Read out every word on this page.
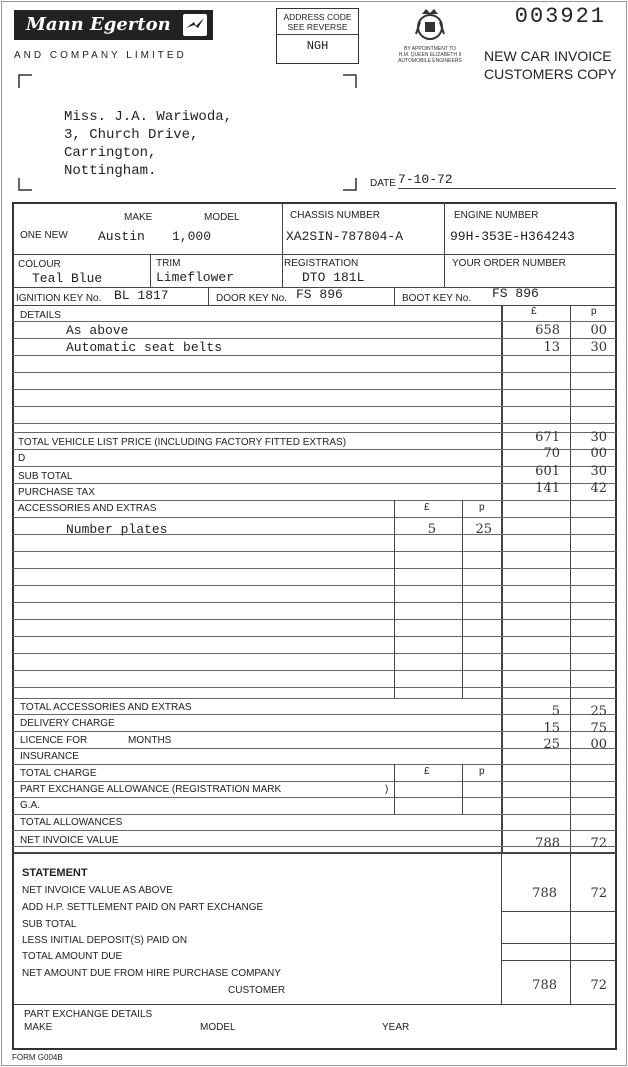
Mann Egerton
AND COMPANY LIMITED
ADDRESS CODE
SEE REVERSE
NGH	BY APPOINTMENT TO
H.M. QUEEN ELIZABETH II
AUTOMOBILE ENGINEERS
003921
NEW CAR INVOICE
CUSTOMERS COPY
Miss. J.A. Wariwoda,
3, Church Drive,
Carrington,
Nottingham.
DATE 7-10-72
ONE NEW
MAKE
Austin
MODEL
1,000
CHASSIS NUMBER
XA2SIN-787804-A
ENGINE NUMBER
99H-353E-H364243
COLOUR
Teal Blue
TRIM
Limeflower
REGISTRATION
DTO 181L
YOUR ORDER NUMBER
IGNITION KEY No. BL 1817	DOOR KEY No. FS 896	BOOT KEY No. FS 896
DETAILS	£	p
As above	658	00
Automatic seat belts	13	30
TOTAL VEHICLE LIST PRICE (INCLUDING FACTORY FITTED EXTRAS)	671	30
D	70	00
SUB TOTAL	601	30
PURCHASE TAX	141	42
ACCESSORIES AND EXTRAS	£	p
Number plates	5	25
TOTAL ACCESSORIES AND EXTRAS	5	25
DELIVERY CHARGE	15	75
LICENCE FOR	MONTHS	25	00
INSURANCE
TOTAL CHARGE	£	p
PART EXCHANGE ALLOWANCE (REGISTRATION MARK	)
G.A.
TOTAL ALLOWANCES
NET INVOICE VALUE	788	72
STATEMENT
NET INVOICE VALUE AS ABOVE	788	72
ADD H.P. SETTLEMENT PAID ON PART EXCHANGE
SUB TOTAL
LESS INITIAL DEPOSIT(S) PAID ON
TOTAL AMOUNT DUE
NET AMOUNT DUE FROM HIRE PURCHASE COMPANY
CUSTOMER	788	72
PART EXCHANGE DETAILS
MAKE	MODEL	YEAR
FORM G004B
